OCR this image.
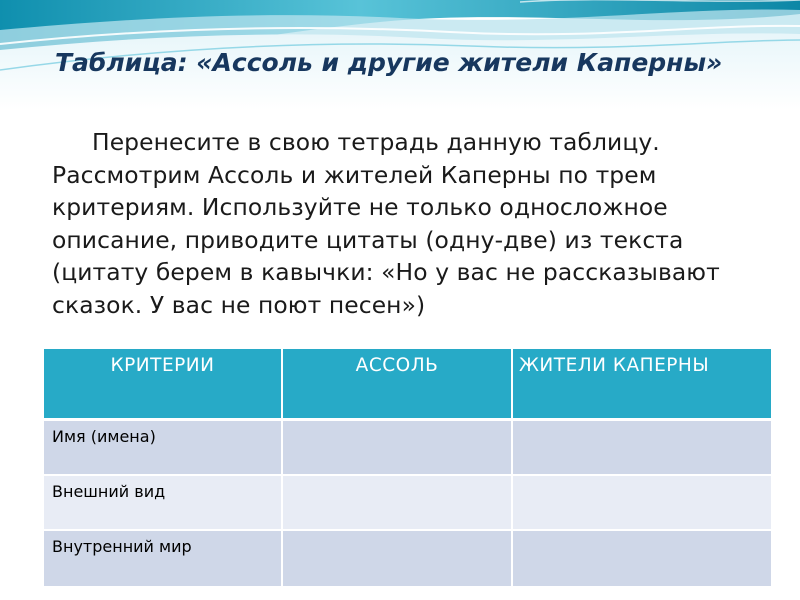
Таблица: «Ассоль и другие жители Каперны»

Перенесите в свою тетрадь данную таблицу. Рассмотрим Ассоль и жителей Каперны по трем критериям. Используйте не только односложное описание, приводите цитаты (одну-две) из текста (цитату берем в кавычки: «Но у вас не рассказывают сказок. У вас не поют песен»)

КРИТЕРИИ	АССОЛЬ	ЖИТЕЛИ КАПЕРНЫ
Имя (имена)		
Внешний вид		
Внутренний мир		
